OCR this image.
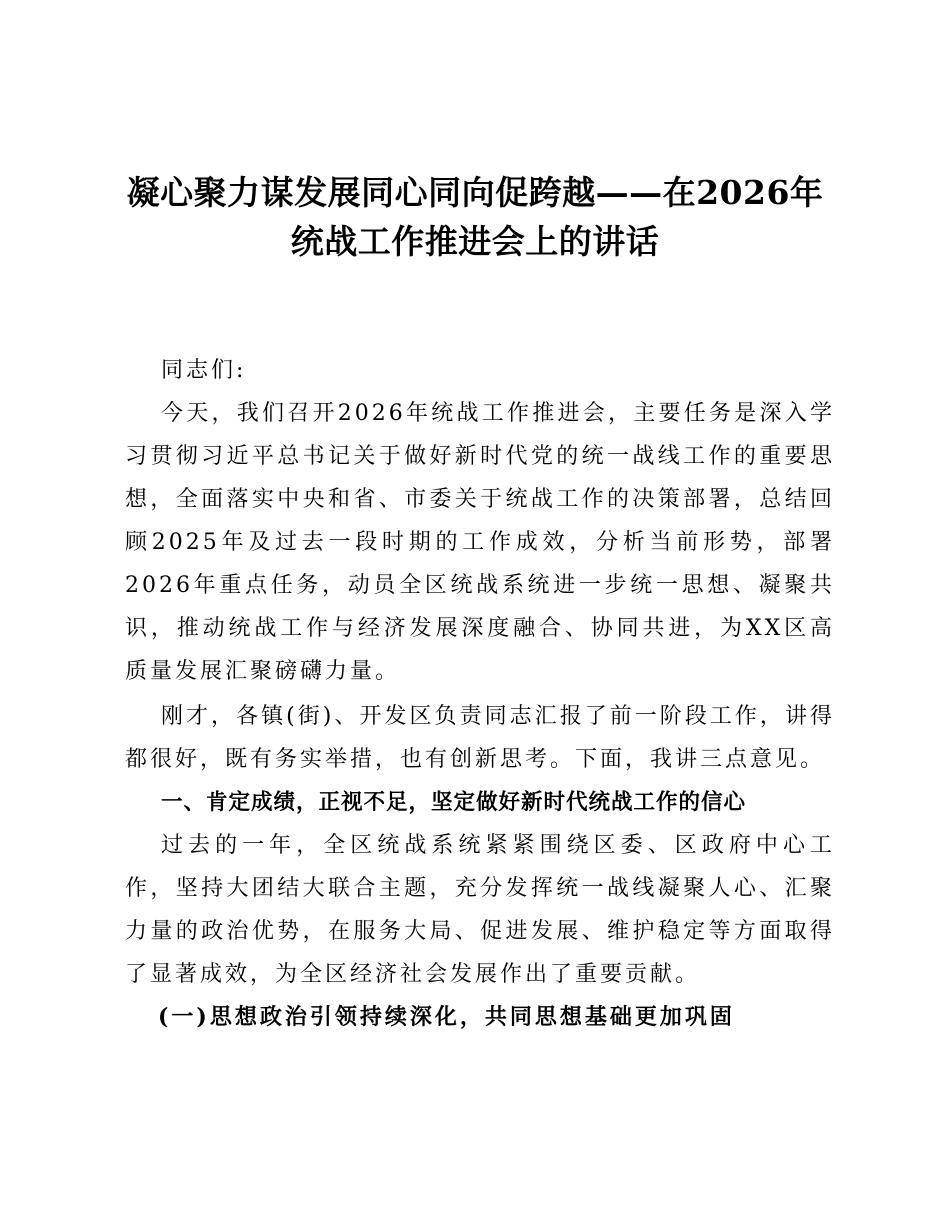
凝心聚力谋发展同心同向促跨越——在2026年
统战工作推进会上的讲话

同志们:

今天，我们召开2026年统战工作推进会，主要任务是深入学习贯彻习近平总书记关于做好新时代党的统一战线工作的重要思想，全面落实中央和省、市委关于统战工作的决策部署，总结回顾2025年及过去一段时期的工作成效，分析当前形势，部署2026年重点任务，动员全区统战系统进一步统一思想、凝聚共识，推动统战工作与经济发展深度融合、协同共进，为XX区高质量发展汇聚磅礴力量。

刚才，各镇(街)、开发区负责同志汇报了前一阶段工作，讲得都很好，既有务实举措，也有创新思考。下面，我讲三点意见。

一、肯定成绩，正视不足，坚定做好新时代统战工作的信心

过去的一年，全区统战系统紧紧围绕区委、区政府中心工作，坚持大团结大联合主题，充分发挥统一战线凝聚人心、汇聚力量的政治优势，在服务大局、促进发展、维护稳定等方面取得了显著成效，为全区经济社会发展作出了重要贡献。

(一)思想政治引领持续深化，共同思想基础更加巩固
